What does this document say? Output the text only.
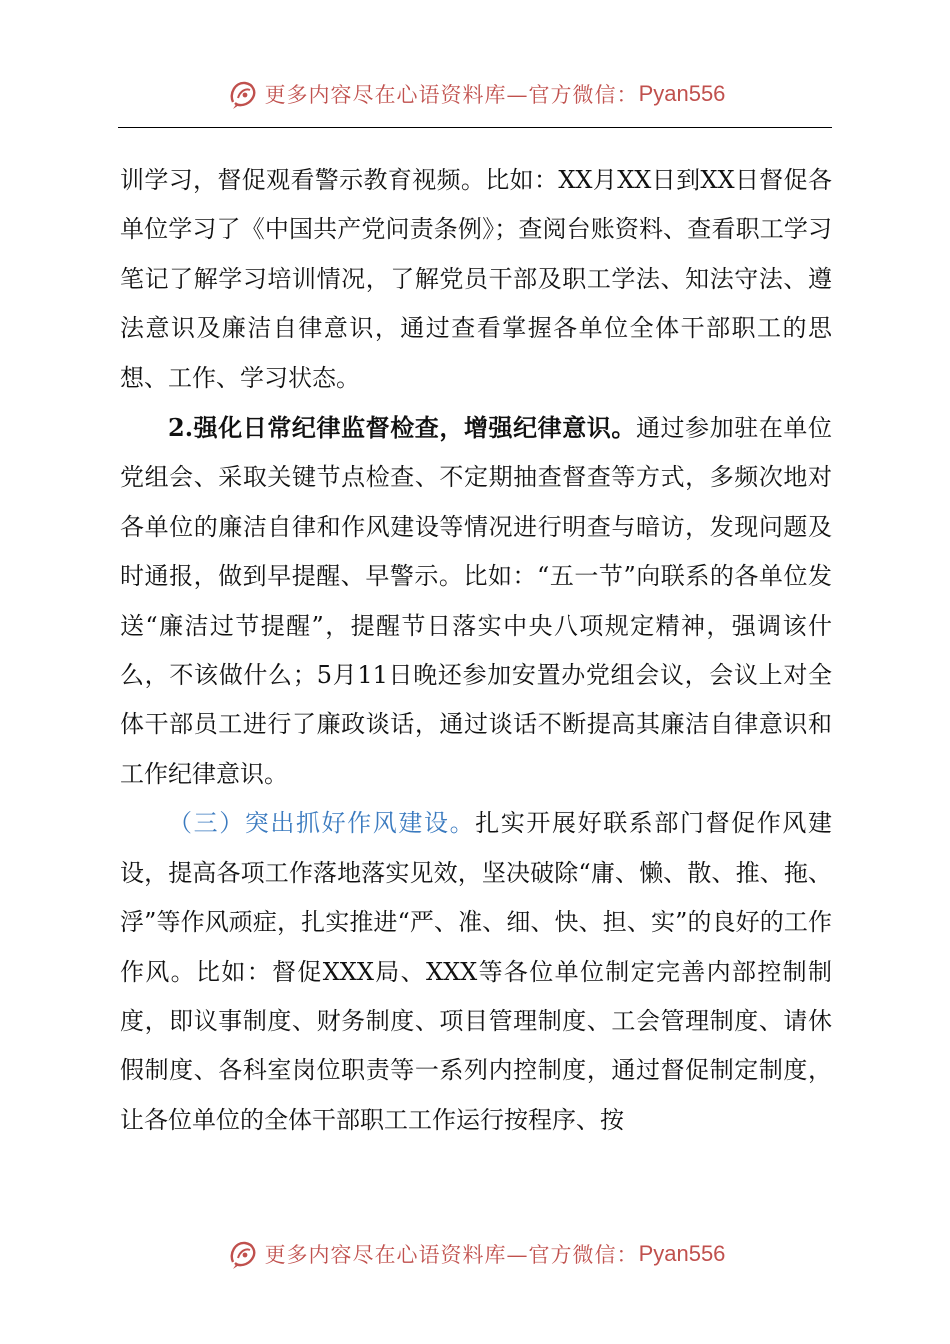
更多内容尽在心语资料库—官方微信： Pyan556

训学习，督促观看警示教育视频。比如：XX月XX日到XX日督促各单位学习了《中国共产党问责条例》；查阅台账资料、查看职工学习笔记了解学习培训情况，了解党员干部及职工学法、知法守法、遵法意识及廉洁自律意识，通过查看掌握各单位全体干部职工的思想、工作、学习状态。

2.强化日常纪律监督检查，增强纪律意识。通过参加驻在单位党组会、采取关键节点检查、不定期抽查督查等方式，多频次地对各单位的廉洁自律和作风建设等情况进行明查与暗访，发现问题及时通报，做到早提醒、早警示。比如：“五一节”向联系的各单位发送“廉洁过节提醒”，提醒节日落实中央八项规定精神，强调该什么，不该做什么；5月11日晚还参加安置办党组会议，会议上对全体干部员工进行了廉政谈话，通过谈话不断提高其廉洁自律意识和工作纪律意识。

（三）突出抓好作风建设。扎实开展好联系部门督促作风建设，提高各项工作落地落实见效，坚决破除“庸、懒、散、推、拖、浮”等作风顽症，扎实推进“严、准、细、快、担、实”的良好的工作作风。比如：督促XXX局、XXX等各位单位制定完善内部控制制度，即议事制度、财务制度、项目管理制度、工会管理制度、请休假制度、各科室岗位职责等一系列内控制度，通过督促制定制度，让各位单位的全体干部职工工作运行按程序、按

更多内容尽在心语资料库—官方微信： Pyan556
